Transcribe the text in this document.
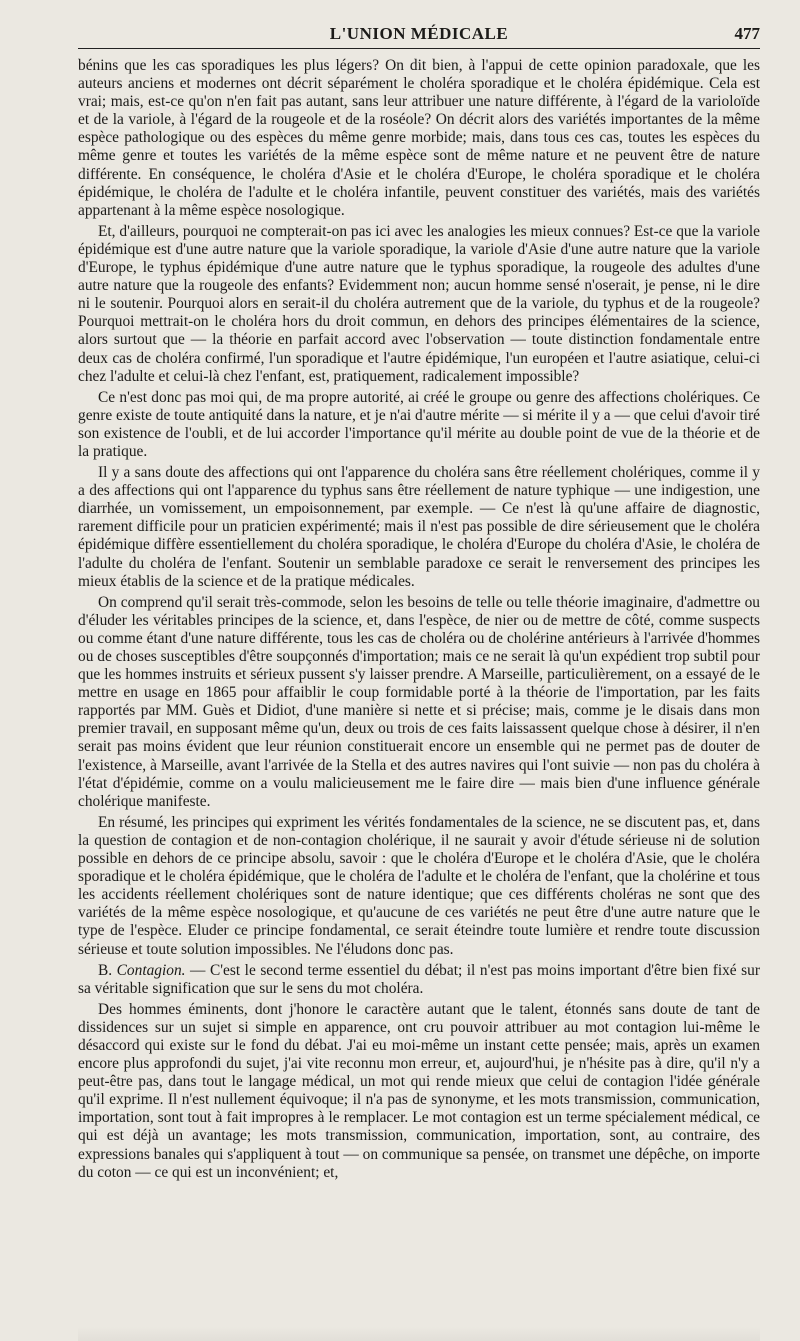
L'UNION MÉDICALE	477

bénins que les cas sporadiques les plus légers? On dit bien, à l'appui de cette opinion paradoxale, que les auteurs anciens et modernes ont décrit séparément le choléra sporadique et le choléra épidémique. Cela est vrai; mais, est-ce qu'on n'en fait pas autant, sans leur attribuer une nature différente, à l'égard de la varioloïde et de la variole, à l'égard de la rougeole et de la roséole? On décrit alors des variétés importantes de la même espèce pathologique ou des espèces du même genre morbide; mais, dans tous ces cas, toutes les espèces du même genre et toutes les variétés de la même espèce sont de même nature et ne peuvent être de nature différente. En conséquence, le choléra d'Asie et le choléra d'Europe, le choléra sporadique et le choléra épidémique, le choléra de l'adulte et le choléra infantile, peuvent constituer des variétés, mais des variétés appartenant à la même espèce nosologique.

Et, d'ailleurs, pourquoi ne compterait-on pas ici avec les analogies les mieux connues? Est-ce que la variole épidémique est d'une autre nature que la variole sporadique, la variole d'Asie d'une autre nature que la variole d'Europe, le typhus épidémique d'une autre nature que le typhus sporadique, la rougeole des adultes d'une autre nature que la rougeole des enfants? Evidemment non; aucun homme sensé n'oserait, je pense, ni le dire ni le soutenir. Pourquoi alors en serait-il du choléra autrement que de la variole, du typhus et de la rougeole? Pourquoi mettrait-on le choléra hors du droit commun, en dehors des principes élémentaires de la science, alors surtout que — la théorie en parfait accord avec l'observation — toute distinction fondamentale entre deux cas de choléra confirmé, l'un sporadique et l'autre épidémique, l'un européen et l'autre asiatique, celui-ci chez l'adulte et celui-là chez l'enfant, est, pratiquement, radicalement impossible?

Ce n'est donc pas moi qui, de ma propre autorité, ai créé le groupe ou genre des affections cholériques. Ce genre existe de toute antiquité dans la nature, et je n'ai d'autre mérite — si mérite il y a — que celui d'avoir tiré son existence de l'oubli, et de lui accorder l'importance qu'il mérite au double point de vue de la théorie et de la pratique.

Il y a sans doute des affections qui ont l'apparence du choléra sans être réellement cholériques, comme il y a des affections qui ont l'apparence du typhus sans être réellement de nature typhique — une indigestion, une diarrhée, un vomissement, un empoisonnement, par exemple. — Ce n'est là qu'une affaire de diagnostic, rarement difficile pour un praticien expérimenté; mais il n'est pas possible de dire sérieusement que le choléra épidémique diffère essentiellement du choléra sporadique, le choléra d'Europe du choléra d'Asie, le choléra de l'adulte du choléra de l'enfant. Soutenir un semblable paradoxe ce serait le renversement des principes les mieux établis de la science et de la pratique médicales.

On comprend qu'il serait très-commode, selon les besoins de telle ou telle théorie imaginaire, d'admettre ou d'éluder les véritables principes de la science, et, dans l'espèce, de nier ou de mettre de côté, comme suspects ou comme étant d'une nature différente, tous les cas de choléra ou de cholérine antérieurs à l'arrivée d'hommes ou de choses susceptibles d'être soupçonnés d'importation; mais ce ne serait là qu'un expédient trop subtil pour que les hommes instruits et sérieux pussent s'y laisser prendre. A Marseille, particulièrement, on a essayé de le mettre en usage en 1865 pour affaiblir le coup formidable porté à la théorie de l'importation, par les faits rapportés par MM. Guès et Didiot, d'une manière si nette et si précise; mais, comme je le disais dans mon premier travail, en supposant même qu'un, deux ou trois de ces faits laissassent quelque chose à désirer, il n'en serait pas moins évident que leur réunion constituerait encore un ensemble qui ne permet pas de douter de l'existence, à Marseille, avant l'arrivée de la Stella et des autres navires qui l'ont suivie — non pas du choléra à l'état d'épidémie, comme on a voulu malicieusement me le faire dire — mais bien d'une influence générale cholérique manifeste.

En résumé, les principes qui expriment les vérités fondamentales de la science, ne se discutent pas, et, dans la question de contagion et de non-contagion cholérique, il ne saurait y avoir d'étude sérieuse ni de solution possible en dehors de ce principe absolu, savoir : que le choléra d'Europe et le choléra d'Asie, que le choléra sporadique et le choléra épidémique, que le choléra de l'adulte et le choléra de l'enfant, que la cholérine et tous les accidents réellement cholériques sont de nature identique; que ces différents choléras ne sont que des variétés de la même espèce nosologique, et qu'aucune de ces variétés ne peut être d'une autre nature que le type de l'espèce. Eluder ce principe fondamental, ce serait éteindre toute lumière et rendre toute discussion sérieuse et toute solution impossibles. Ne l'éludons donc pas.

B. Contagion. — C'est le second terme essentiel du débat; il n'est pas moins important d'être bien fixé sur sa véritable signification que sur le sens du mot choléra.

Des hommes éminents, dont j'honore le caractère autant que le talent, étonnés sans doute de tant de dissidences sur un sujet si simple en apparence, ont cru pouvoir attribuer au mot contagion lui-même le désaccord qui existe sur le fond du débat. J'ai eu moi-même un instant cette pensée; mais, après un examen encore plus approfondi du sujet, j'ai vite reconnu mon erreur, et, aujourd'hui, je n'hésite pas à dire, qu'il n'y a peut-être pas, dans tout le langage médical, un mot qui rende mieux que celui de contagion l'idée générale qu'il exprime. Il n'est nullement équivoque; il n'a pas de synonyme, et les mots transmission, communication, importation, sont tout à fait impropres à le remplacer. Le mot contagion est un terme spécialement médical, ce qui est déjà un avantage; les mots transmission, communication, importation, sont, au contraire, des expressions banales qui s'appliquent à tout — on communique sa pensée, on transmet une dépêche, on importe du coton — ce qui est un inconvénient; et,
